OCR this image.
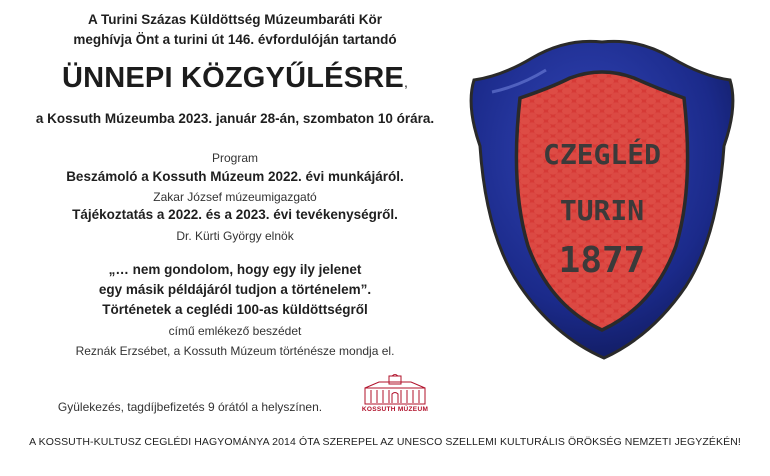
A Turini Százas Küldöttség Múzeumbaráti Kör
meghívja Önt a turini út 146. évfordulóján tartandó
ÜNNEPI KÖZGYŰLÉSRE,
a Kossuth Múzeumba 2023. január 28-án, szombaton 10 órára.
Program
Beszámoló a Kossuth Múzeum 2022. évi munkájáról.
Zakar József múzeumigazgató
Tájékoztatás a 2022. és a 2023. évi tevékenységről.
Dr. Kürti György elnök
„… nem gondolom, hogy egy ily jelenet
egy másik példájáról tudjon a történelem”.
Történetek a ceglédi 100-as küldöttségről
című emlékező beszédet
Reznák Erzsébet, a Kossuth Múzeum történésze mondja el.
Gyülekezés, tagdíjbefizetés 9 órától a helyszínen.	KOSSUTH MÚZEUM
A KOSSUTH-KULTUSZ CEGLÉDI HAGYOMÁNYA 2014 ÓTA SZEREPEL AZ UNESCO SZELLEMI KULTURÁLIS ÖRÖKSÉG NEMZETI JEGYZÉKÉN!
CZEGLÉD
TURIN
1877
